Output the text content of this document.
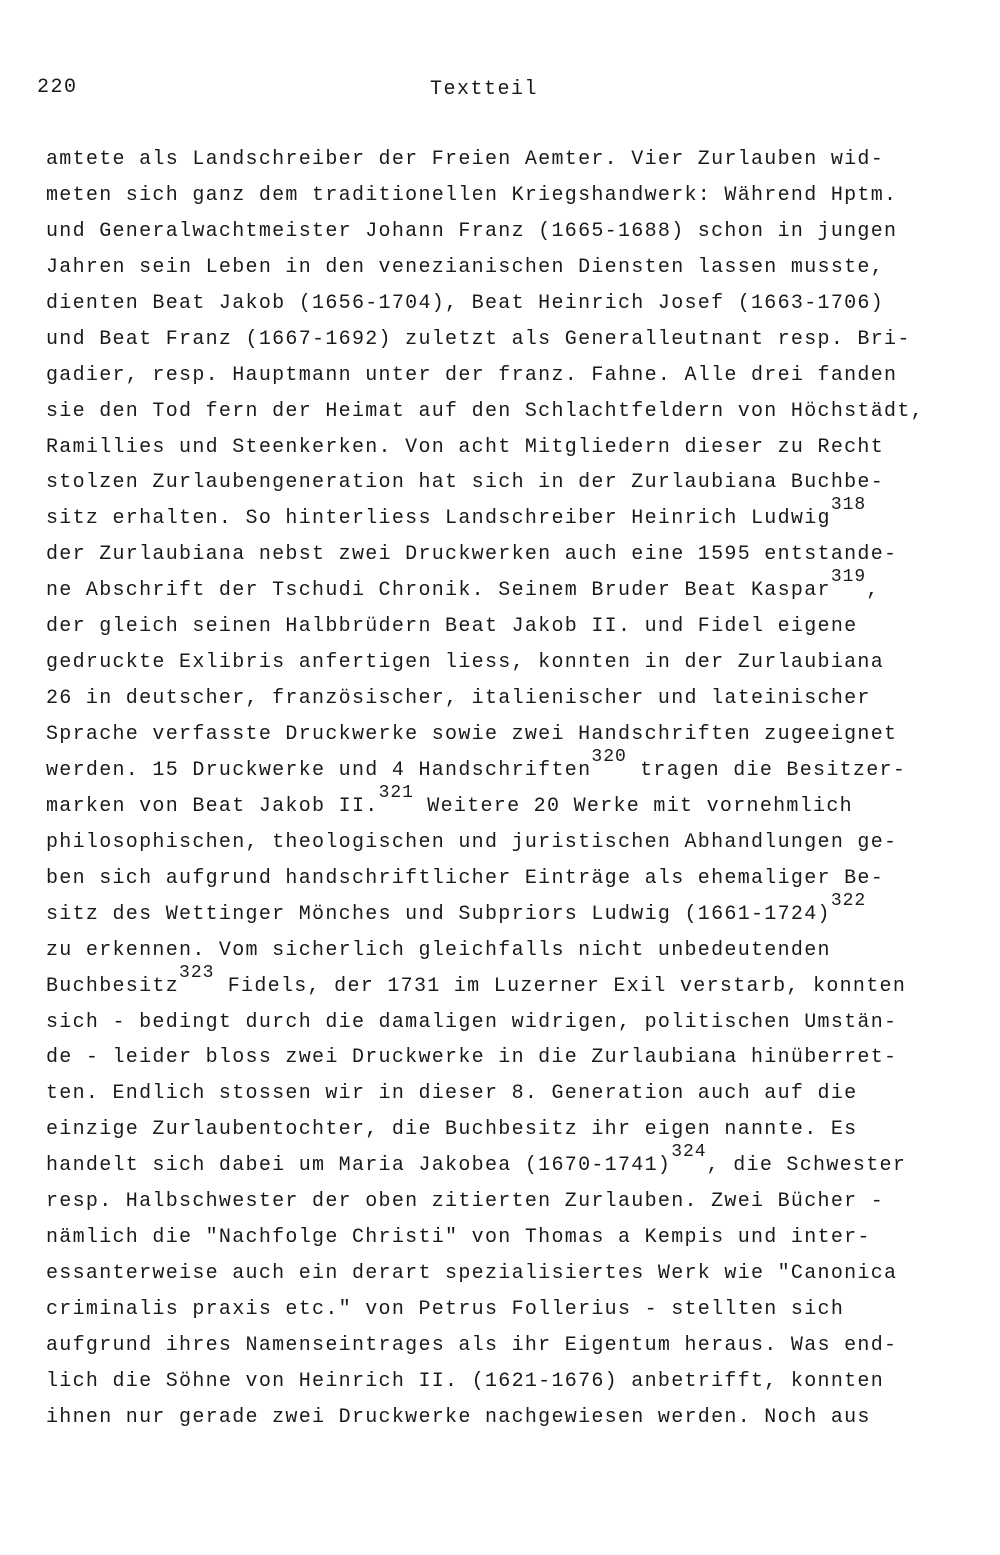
220	Textteil
amtete als Landschreiber der Freien Aemter. Vier Zurlauben wid-
meten sich ganz dem traditionellen Kriegshandwerk: Während Hptm.
und Generalwachtmeister Johann Franz (1665-1688) schon in jungen
Jahren sein Leben in den venezianischen Diensten lassen musste,
dienten Beat Jakob (1656-1704), Beat Heinrich Josef (1663-1706)
und Beat Franz (1667-1692) zuletzt als Generalleutnant resp. Bri-
gadier, resp. Hauptmann unter der franz. Fahne. Alle drei fanden
sie den Tod fern der Heimat auf den Schlachtfeldern von Höchstädt,
Ramillies und Steenkerken. Von acht Mitgliedern dieser zu Recht
stolzen Zurlaubengeneration hat sich in der Zurlaubiana Buchbe-
sitz erhalten. So hinterliess Landschreiber Heinrich Ludwig$^{318}$
der Zurlaubiana nebst zwei Druckwerken auch eine 1595 entstande-
ne Abschrift der Tschudi Chronik. Seinem Bruder Beat Kaspar$^{319}$,
der gleich seinen Halbbrüdern Beat Jakob II. und Fidel eigene
gedruckte Exlibris anfertigen liess, konnten in der Zurlaubiana
26 in deutscher, französischer, italienischer und lateinischer
Sprache verfasste Druckwerke sowie zwei Handschriften zugeeignet
werden. 15 Druckwerke und 4 Handschriften$^{320}$ tragen die Besitzer-
marken von Beat Jakob II.$^{321}$ Weitere 20 Werke mit vornehmlich
philosophischen, theologischen und juristischen Abhandlungen ge-
ben sich aufgrund handschriftlicher Einträge als ehemaliger Be-
sitz des Wettinger Mönches und Subpriors Ludwig (1661-1724)$^{322}$
zu erkennen. Vom sicherlich gleichfalls nicht unbedeutenden
Buchbesitz$^{323}$ Fidels, der 1731 im Luzerner Exil verstarb, konnten
sich - bedingt durch die damaligen widrigen, politischen Umstän-
de - leider bloss zwei Druckwerke in die Zurlaubiana hinüberret-
ten. Endlich stossen wir in dieser 8. Generation auch auf die
einzige Zurlaubentochter, die Buchbesitz ihr eigen nannte. Es
handelt sich dabei um Maria Jakobea (1670-1741)$^{324}$, die Schwester
resp. Halbschwester der oben zitierten Zurlauben. Zwei Bücher -
nämlich die "Nachfolge Christi" von Thomas a Kempis und inter-
essanterweise auch ein derart spezialisiertes Werk wie "Canonica
criminalis praxis etc." von Petrus Follerius - stellten sich
aufgrund ihres Namenseintrages als ihr Eigentum heraus. Was end-
lich die Söhne von Heinrich II. (1621-1676) anbetrifft, konnten
ihnen nur gerade zwei Druckwerke nachgewiesen werden. Noch aus
